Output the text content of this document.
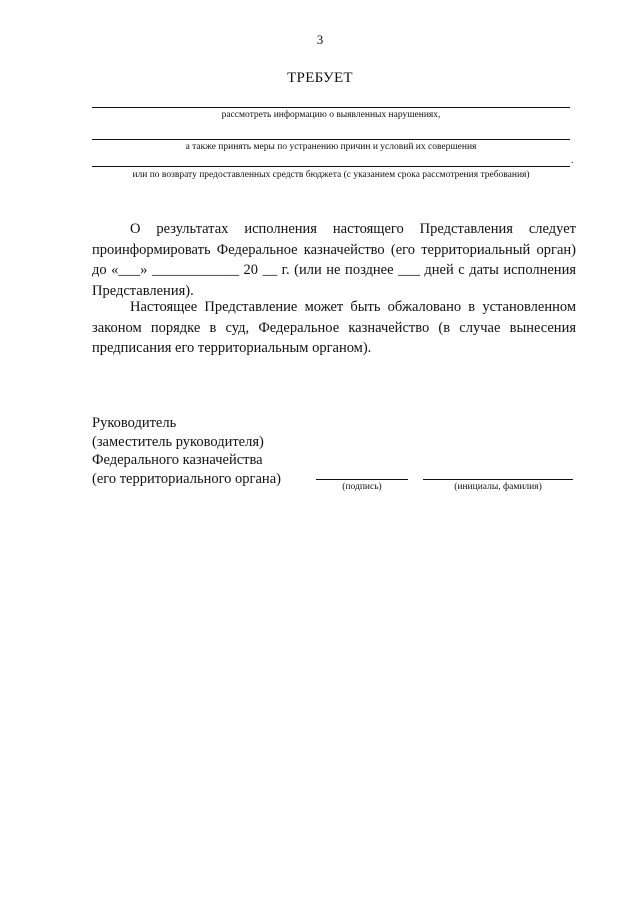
3
ТРЕБУЕТ
рассмотреть информацию о выявленных нарушениях,
а также принять меры по устранению причин и условий их совершения
.
или по возврату предоставленных средств бюджета (с указанием срока рассмотрения требования)

О результатах исполнения настоящего Представления следует проинформировать Федеральное казначейство (его территориальный орган) до «___» ____________ 20 __ г. (или не позднее ___ дней с даты исполнения Представления).

Настоящее Представление может быть обжаловано в установленном законом порядке в суд, Федеральное казначейство (в случае вынесения предписания его территориальным органом).

Руководитель
(заместитель руководителя)
Федерального казначейства
(его территориального органа)
(подпись)	(инициалы, фамилия)
